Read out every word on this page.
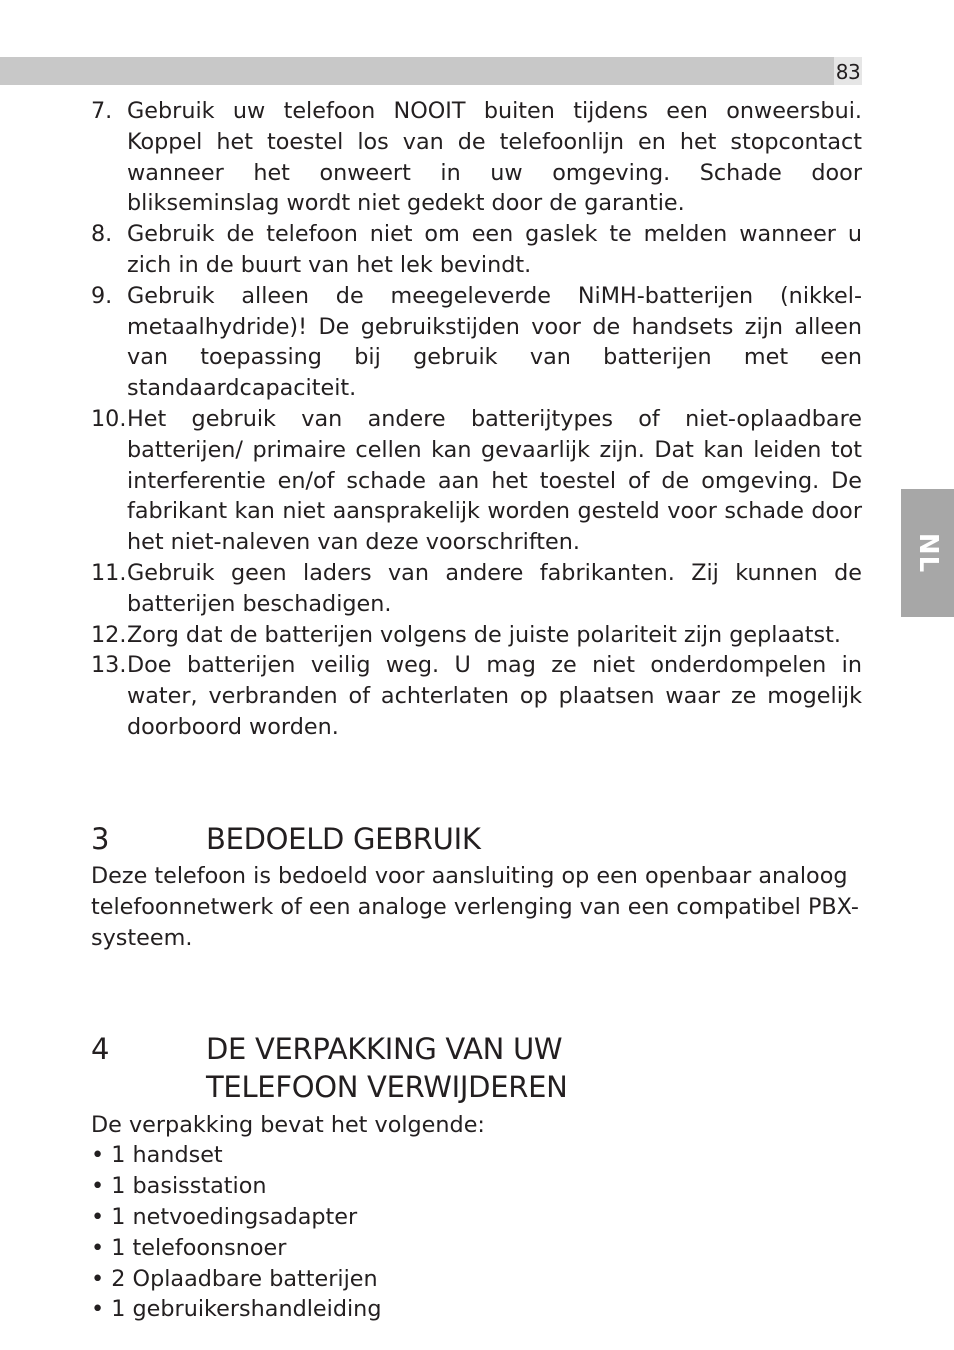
83
NL
7. Gebruik uw telefoon NOOIT buiten tijdens een onweersbui. Koppel het toestel los van de telefoonlijn en het stopcontact wanneer het onweert in uw omgeving. Schade door blikseminslag wordt niet gedekt door de garantie.
8. Gebruik de telefoon niet om een gaslek te melden wanneer u zich in de buurt van het lek bevindt.
9. Gebruik alleen de meegeleverde NiMH-batterijen (nikkel-metaalhydride)! De gebruikstijden voor de handsets zijn alleen van toepassing bij gebruik van batterijen met een standaardcapaciteit.
10. Het gebruik van andere batterijtypes of niet-oplaadbare batterijen/ primaire cellen kan gevaarlijk zijn. Dat kan leiden tot interferentie en/of schade aan het toestel of de omgeving. De fabrikant kan niet aansprakelijk worden gesteld voor schade door het niet-naleven van deze voorschriften.
11. Gebruik geen laders van andere fabrikanten. Zij kunnen de batterijen beschadigen.
12. Zorg dat de batterijen volgens de juiste polariteit zijn geplaatst.
13. Doe batterijen veilig weg. U mag ze niet onderdompelen in water, verbranden of achterlaten op plaatsen waar ze mogelijk doorboord worden.
3	BEDOELD GEBRUIK

Deze telefoon is bedoeld voor aansluiting op een openbaar analoog telefoonnetwerk of een analoge verlenging van een compatibel PBX-systeem.

4	DE VERPAKKING VAN UW TELEFOON VERWIJDEREN

De verpakking bevat het volgende:

• 1 handset
• 1 basisstation
• 1 netvoedingsadapter
• 1 telefoonsnoer
• 2 Oplaadbare batterijen
• 1 gebruikershandleiding
